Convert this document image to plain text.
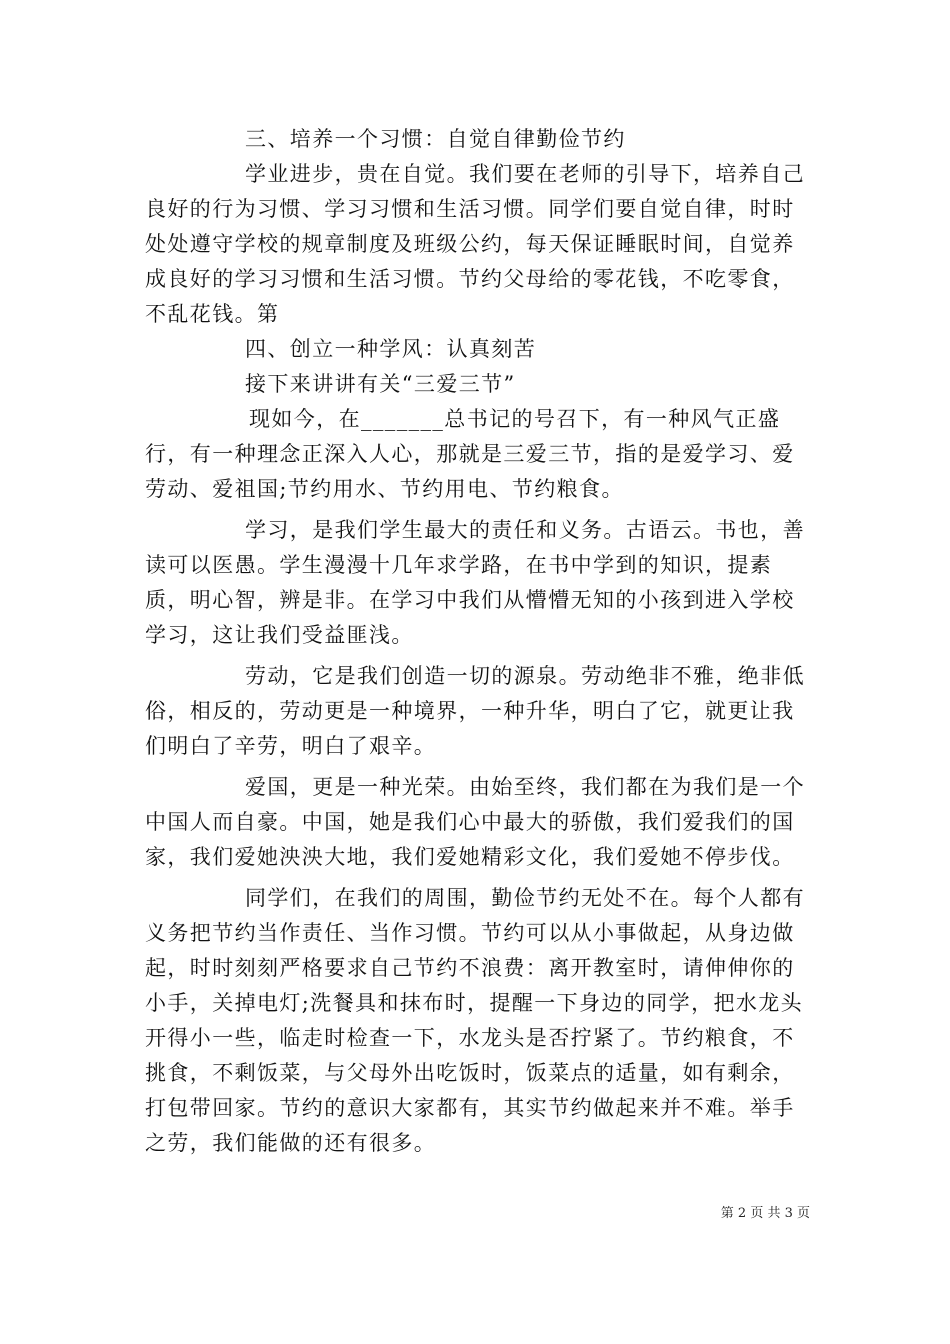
三、培养一个习惯：自觉自律勤俭节约

学业进步，贵在自觉。我们要在老师的引导下，培养自己良好的行为习惯、学习习惯和生活习惯。同学们要自觉自律，时时处处遵守学校的规章制度及班级公约，每天保证睡眠时间，自觉养成良好的学习习惯和生活习惯。节约父母给的零花钱，不吃零食，不乱花钱。第

四、创立一种学风：认真刻苦

接下来讲讲有关“三爱三节”

现如今，在_______总书记的号召下，有一种风气正盛行，有一种理念正深入人心，那就是三爱三节，指的是爱学习、爱劳动、爱祖国;节约用水、节约用电、节约粮食。

学习，是我们学生最大的责任和义务。古语云。书也，善读可以医愚。学生漫漫十几年求学路，在书中学到的知识，提素质，明心智，辨是非。在学习中我们从懵懵无知的小孩到进入学校学习，这让我们受益匪浅。

劳动，它是我们创造一切的源泉。劳动绝非不雅，绝非低俗，相反的，劳动更是一种境界，一种升华，明白了它，就更让我们明白了辛劳，明白了艰辛。

爱国，更是一种光荣。由始至终，我们都在为我们是一个中国人而自豪。中国，她是我们心中最大的骄傲，我们爱我们的国家，我们爱她泱泱大地，我们爱她精彩文化，我们爱她不停步伐。

同学们，在我们的周围，勤俭节约无处不在。每个人都有义务把节约当作责任、当作习惯。节约可以从小事做起，从身边做起，时时刻刻严格要求自己节约不浪费：离开教室时，请伸伸你的小手，关掉电灯;洗餐具和抹布时，提醒一下身边的同学，把水龙头开得小一些，临走时检查一下，水龙头是否拧紧了。节约粮食，不挑食，不剩饭菜，与父母外出吃饭时，饭菜点的适量，如有剩余，打包带回家。节约的意识大家都有，其实节约做起来并不难。举手之劳，我们能做的还有很多。

第 2 页 共 3 页
